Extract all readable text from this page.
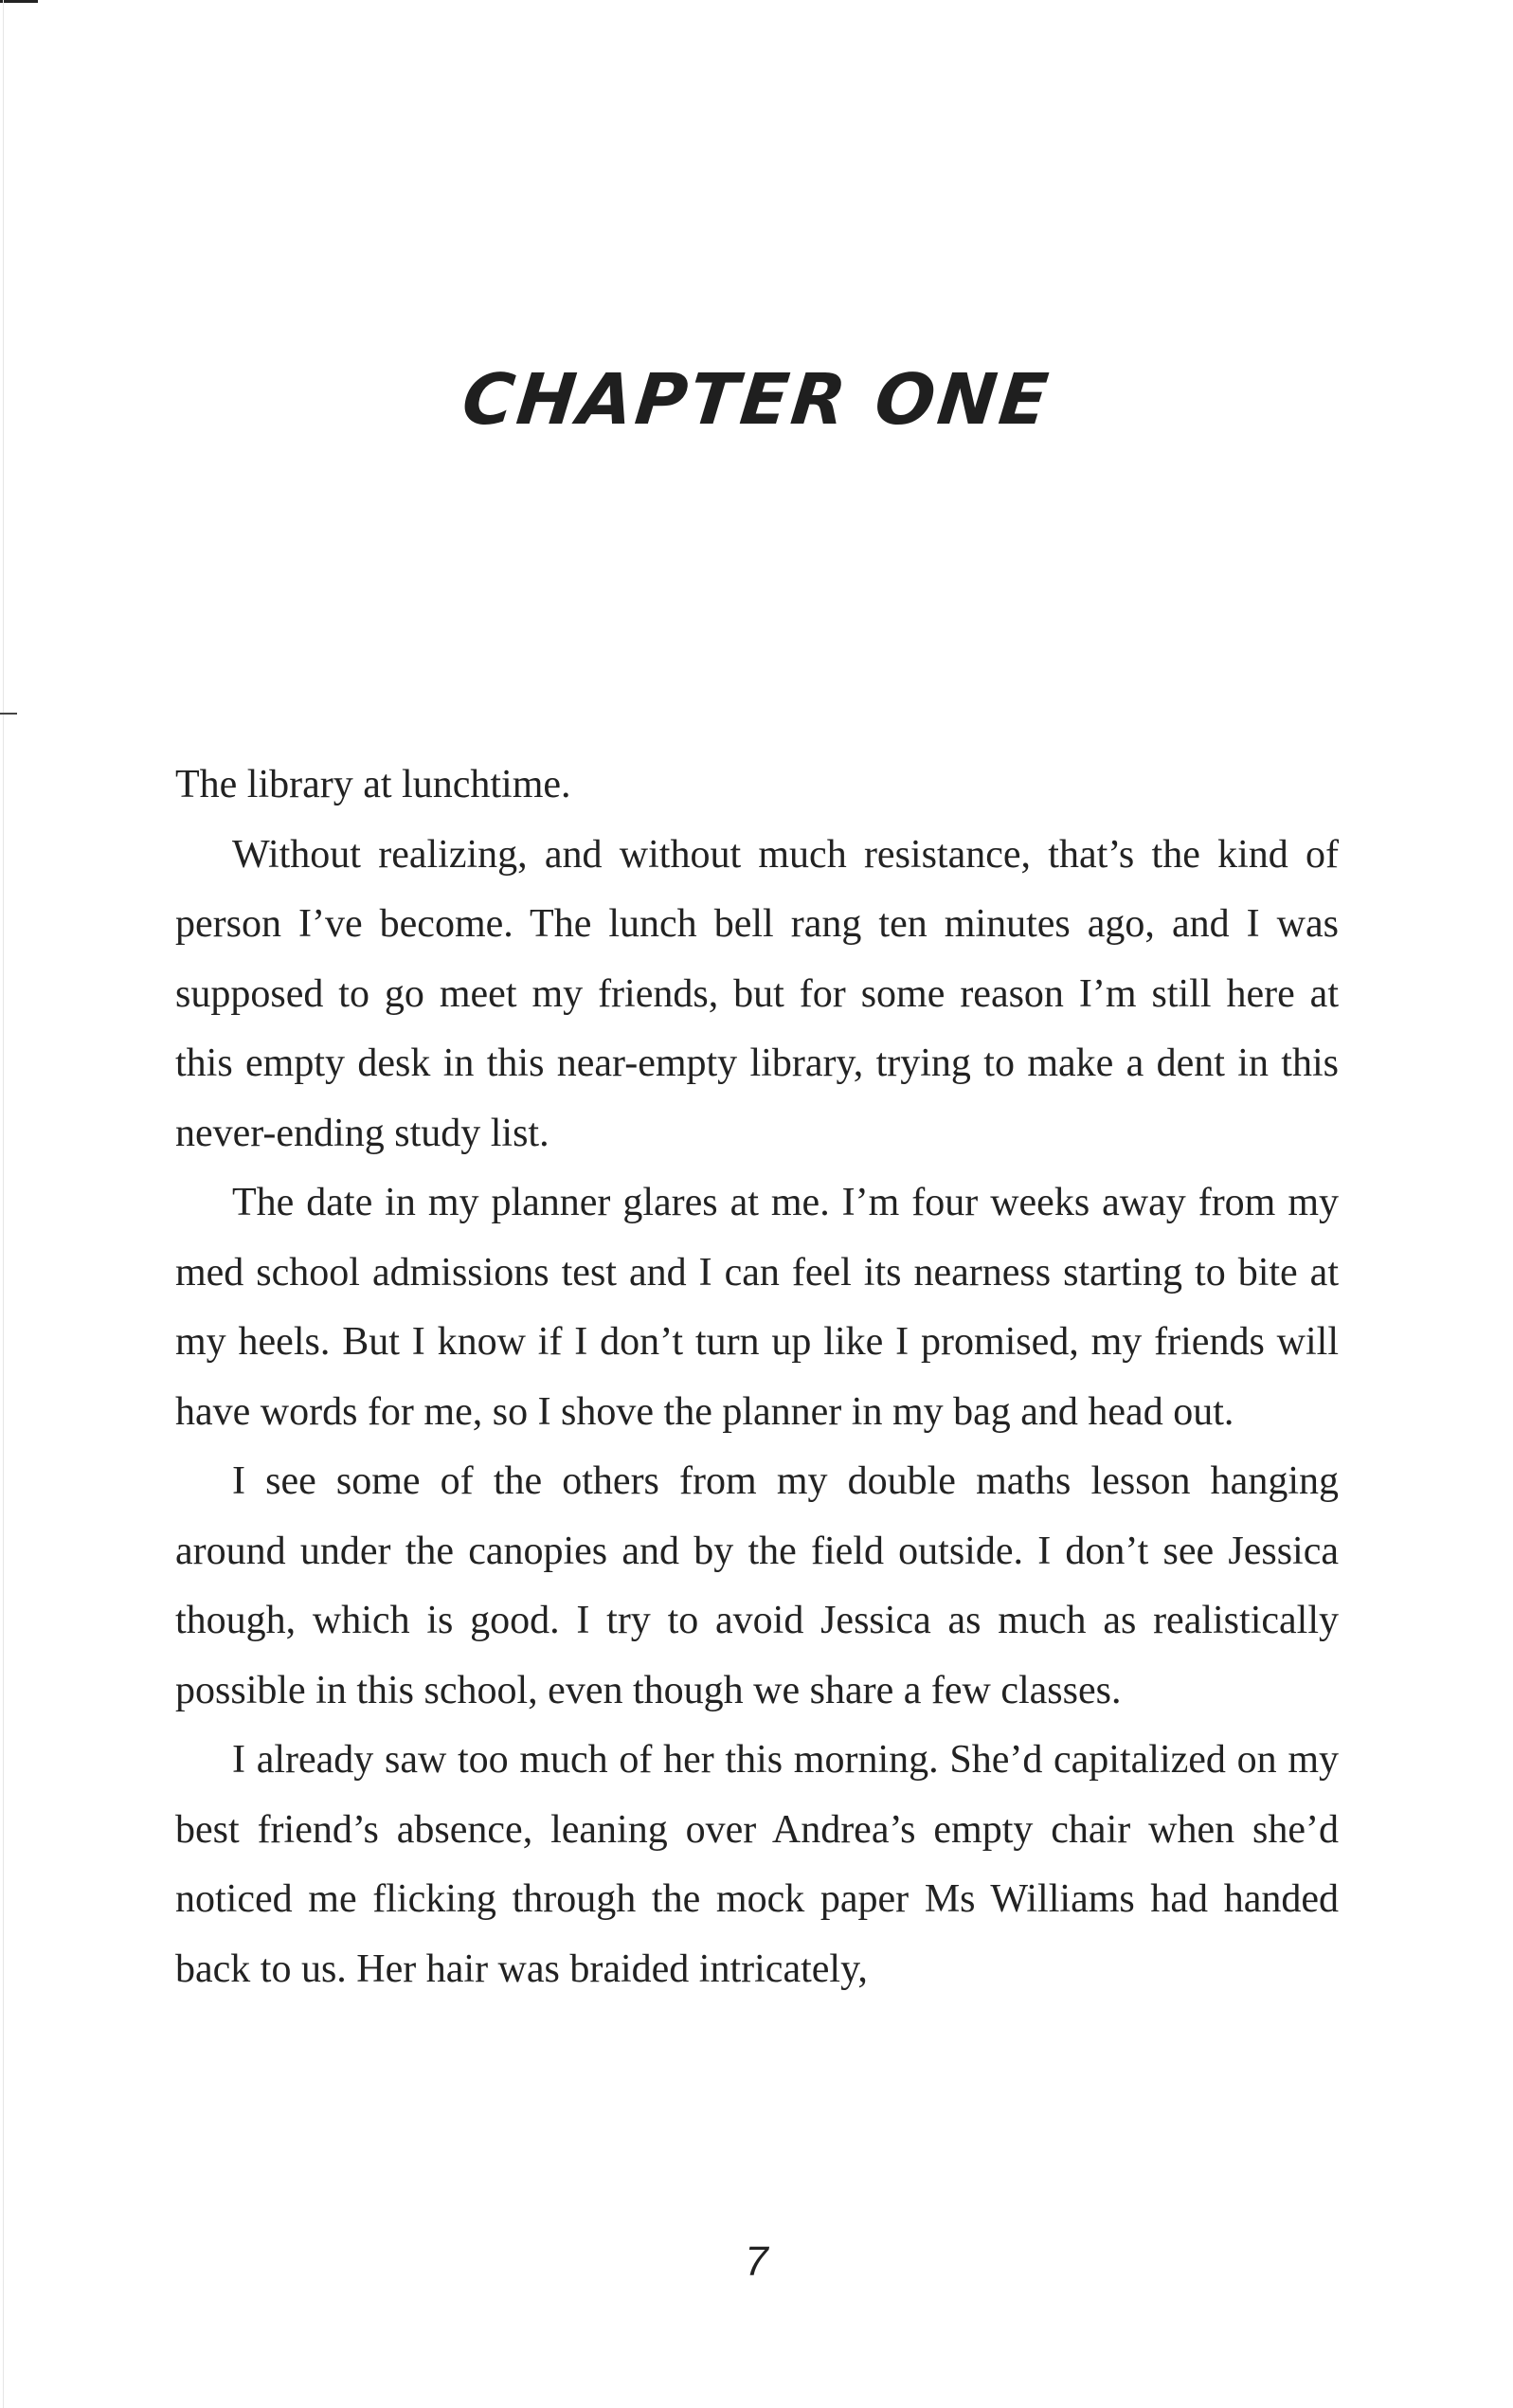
CHAPTER ONE

The library at lunchtime.

Without realizing, and without much resistance, that’s the kind of person I’ve become. The lunch bell rang ten minutes ago, and I was supposed to go meet my friends, but for some reason I’m still here at this empty desk in this near-empty library, trying to make a dent in this never-ending study list.

The date in my planner glares at me. I’m four weeks away from my med school admissions test and I can feel its nearness starting to bite at my heels. But I know if I don’t turn up like I promised, my friends will have words for me, so I shove the planner in my bag and head out.

I see some of the others from my double maths lesson hanging around under the canopies and by the field outside. I don’t see Jessica though, which is good. I try to avoid Jessica as much as realistically possible in this school, even though we share a few classes.

I already saw too much of her this morning. She’d capitalized on my best friend’s absence, leaning over Andrea’s empty chair when she’d noticed me flicking through the mock paper Ms Williams had handed back to us. Her hair was braided intricately,

7
